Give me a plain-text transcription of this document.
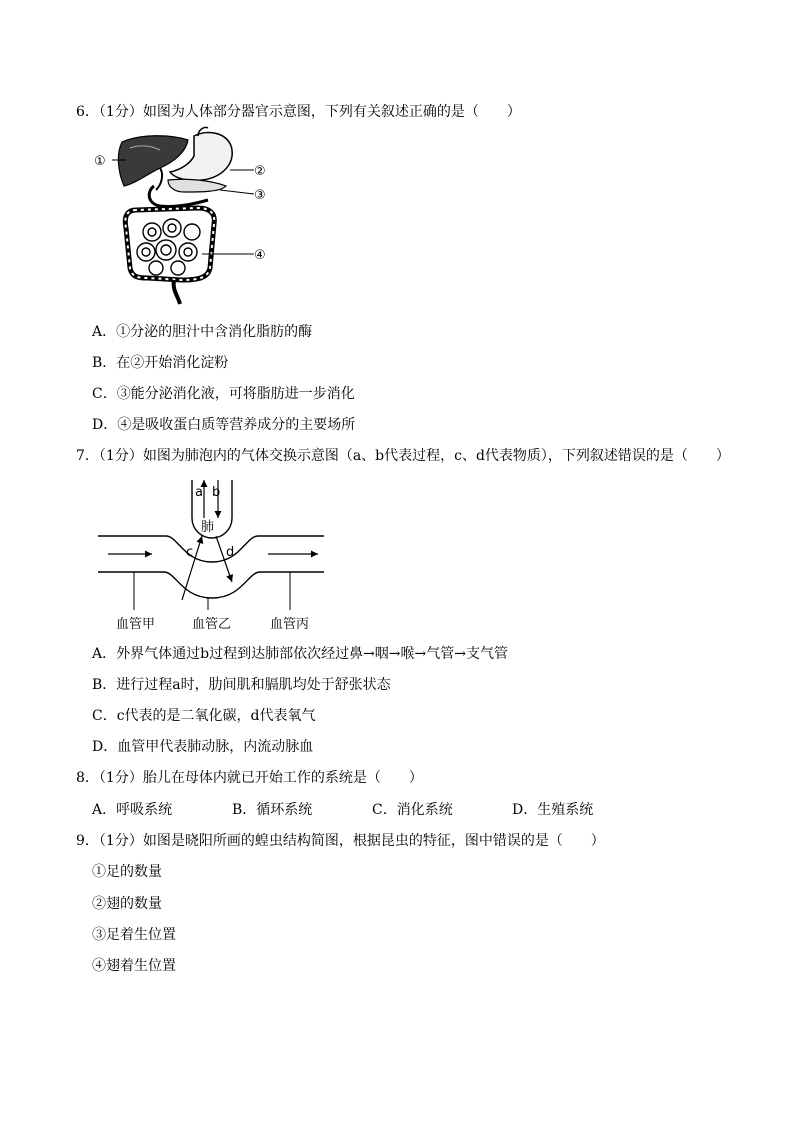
6．（1分）如图为人体部分器官示意图，下列有关叙述正确的是（　　）
①
②
③
④
A．①分泌的胆汁中含消化脂肪的酶
B．在②开始消化淀粉
C．③能分泌消化液，可将脂肪进一步消化
D．④是吸收蛋白质等营养成分的主要场所
7．（1分）如图为肺泡内的气体交换示意图（a、b代表过程，c、d代表物质），下列叙述错误的是（　　）
a b
肺
c	d
血管甲	血管乙	血管丙
A．外界气体通过b过程到达肺部依次经过鼻→咽→喉→气管→支气管
B．进行过程a时，肋间肌和膈肌均处于舒张状态
C．c代表的是二氧化碳，d代表氧气
D．血管甲代表肺动脉，内流动脉血
8．（1分）胎儿在母体内就已开始工作的系统是（　　）
A．呼吸系统	B．循环系统	C．消化系统	D．生殖系统
9．（1分）如图是晓阳所画的蝗虫结构简图，根据昆虫的特征，图中错误的是（　　）
①足的数量
②翅的数量
③足着生位置
④翅着生位置
